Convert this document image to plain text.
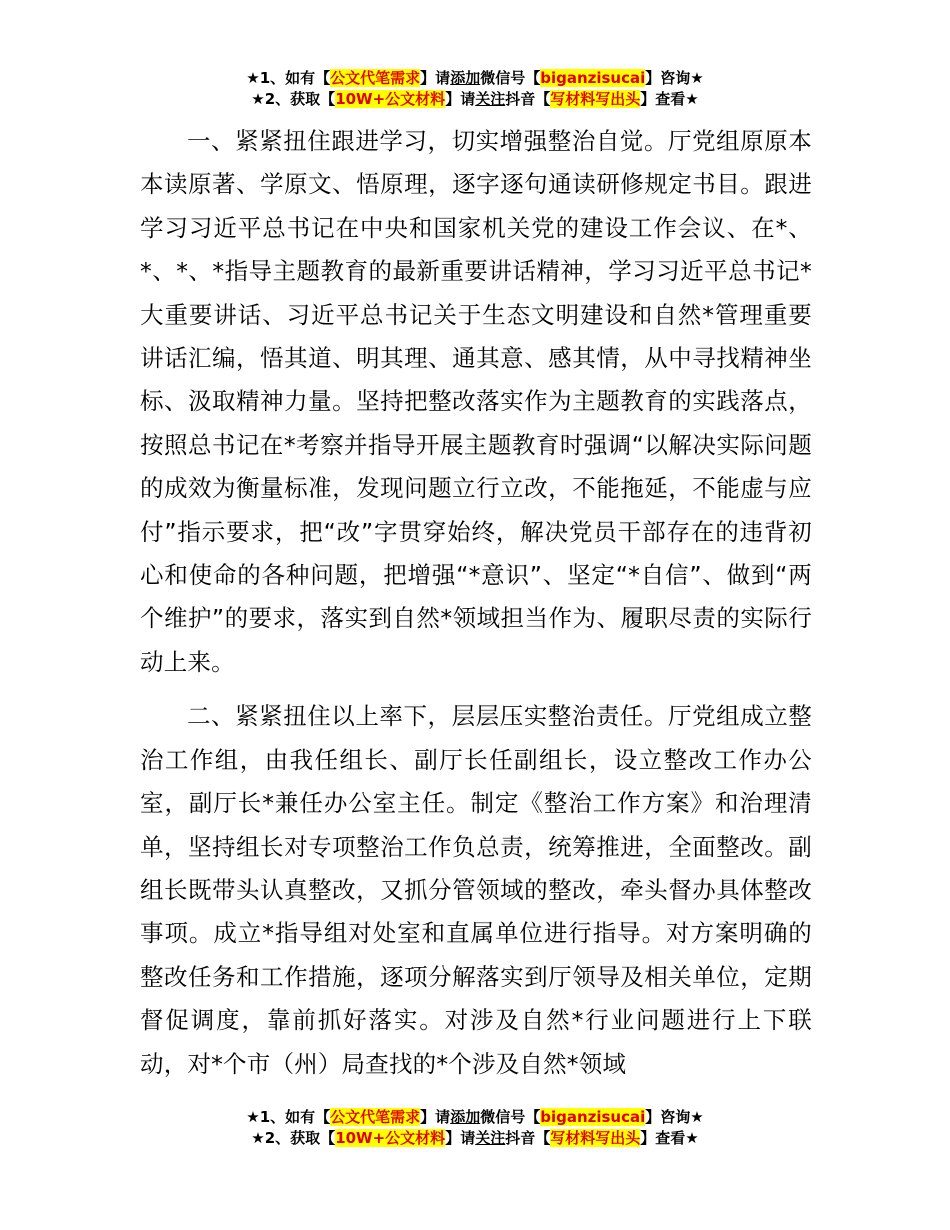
★1、如有【公文代笔需求】请添加微信号【biganzisucai】咨询★
★2、获取【10W+公文材料】请关注抖音【写材料写出头】查看★

一、紧紧扭住跟进学习，切实增强整治自觉。厅党组原原本本读原著、学原文、悟原理，逐字逐句通读研修规定书目。跟进学习习近平总书记在中央和国家机关党的建设工作会议、在*、*、*、*指导主题教育的最新重要讲话精神，学习习近平总书记*大重要讲话、习近平总书记关于生态文明建设和自然*管理重要讲话汇编，悟其道、明其理、通其意、感其情，从中寻找精神坐标、汲取精神力量。坚持把整改落实作为主题教育的实践落点，按照总书记在*考察并指导开展主题教育时强调“以解决实际问题的成效为衡量标准，发现问题立行立改，不能拖延，不能虚与应付”指示要求，把“改”字贯穿始终，解决党员干部存在的违背初心和使命的各种问题，把增强“*意识”、坚定“*自信”、做到“两个维护”的要求，落实到自然*领域担当作为、履职尽责的实际行动上来。

二、紧紧扭住以上率下，层层压实整治责任。厅党组成立整治工作组，由我任组长、副厅长任副组长，设立整改工作办公室，副厅长*兼任办公室主任。制定《整治工作方案》和治理清单，坚持组长对专项整治工作负总责，统筹推进，全面整改。副组长既带头认真整改，又抓分管领域的整改，牵头督办具体整改事项。成立*指导组对处室和直属单位进行指导。对方案明确的整改任务和工作措施，逐项分解落实到厅领导及相关单位，定期督促调度，靠前抓好落实。对涉及自然*行业问题进行上下联动，对*个市（州）局查找的*个涉及自然*领域

★1、如有【公文代笔需求】请添加微信号【biganzisucai】咨询★
★2、获取【10W+公文材料】请关注抖音【写材料写出头】查看★
